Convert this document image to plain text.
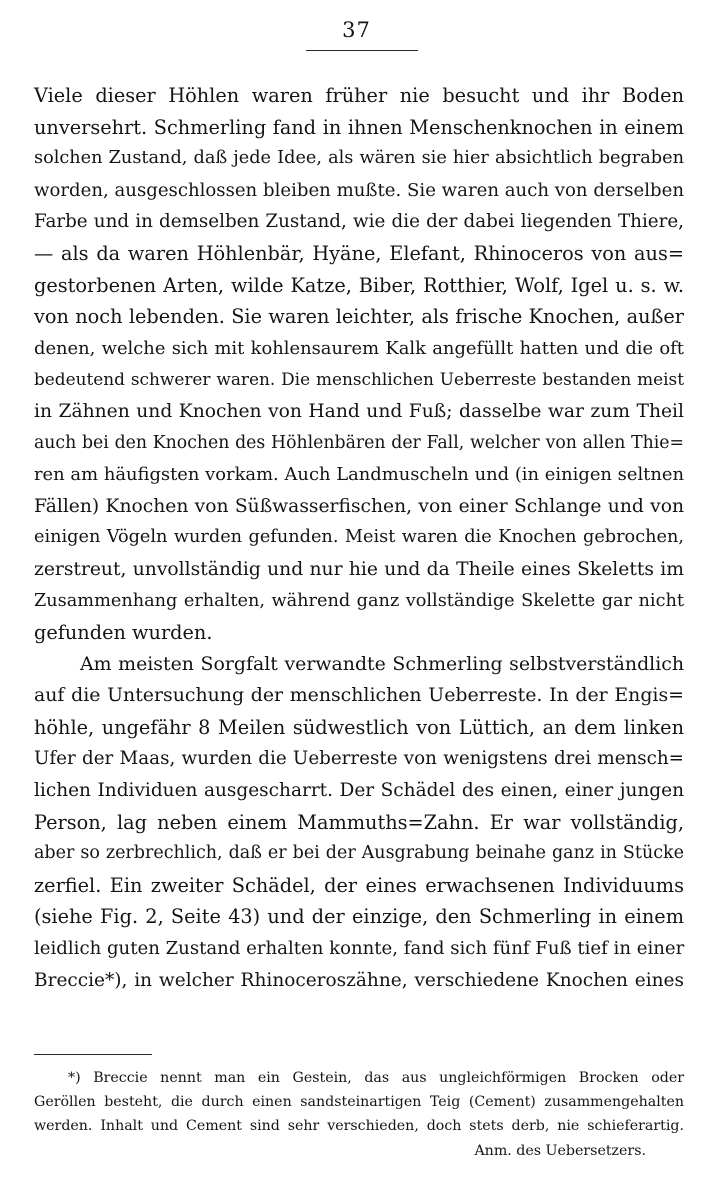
37
Viele dieser Höhlen waren früher nie besucht und ihr Boden
unversehrt. Schmerling fand in ihnen Menschenknochen in einem
solchen Zustand, daß jede Idee, als wären sie hier absichtlich begraben
worden, ausgeschlossen bleiben mußte. Sie waren auch von derselben
Farbe und in demselben Zustand, wie die der dabei liegenden Thiere,
— als da waren Höhlenbär, Hyäne, Elefant, Rhinoceros von aus=
gestorbenen Arten, wilde Katze, Biber, Rotthier, Wolf, Igel u. s. w.
von noch lebenden. Sie waren leichter, als frische Knochen, außer
denen, welche sich mit kohlensaurem Kalk angefüllt hatten und die oft
bedeutend schwerer waren. Die menschlichen Ueberreste bestanden meist
in Zähnen und Knochen von Hand und Fuß; dasselbe war zum Theil
auch bei den Knochen des Höhlenbären der Fall, welcher von allen Thie=
ren am häufigsten vorkam. Auch Landmuscheln und (in einigen seltnen
Fällen) Knochen von Süßwasserfischen, von einer Schlange und von
einigen Vögeln wurden gefunden. Meist waren die Knochen gebrochen,
zerstreut, unvollständig und nur hie und da Theile eines Skeletts im
Zusammenhang erhalten, während ganz vollständige Skelette gar nicht
gefunden wurden.
Am meisten Sorgfalt verwandte Schmerling selbstverständlich
auf die Untersuchung der menschlichen Ueberreste. In der Engis=
höhle, ungefähr 8 Meilen südwestlich von Lüttich, an dem linken
Ufer der Maas, wurden die Ueberreste von wenigstens drei mensch=
lichen Individuen ausgescharrt. Der Schädel des einen, einer jungen
Person, lag neben einem Mammuths=Zahn. Er war vollständig,
aber so zerbrechlich, daß er bei der Ausgrabung beinahe ganz in Stücke
zerfiel. Ein zweiter Schädel, der eines erwachsenen Individuums
(siehe Fig. 2, Seite 43) und der einzige, den Schmerling in einem
leidlich guten Zustand erhalten konnte, fand sich fünf Fuß tief in einer
Breccie*), in welcher Rhinoceroszähne, verschiedene Knochen eines
*) Breccie nennt man ein Gestein, das aus ungleichförmigen Brocken oder
Geröllen besteht, die durch einen sandsteinartigen Teig (Cement) zusammengehalten
werden. Inhalt und Cement sind sehr verschieden, doch stets derb, nie schieferartig.
Anm. des Uebersetzers.
